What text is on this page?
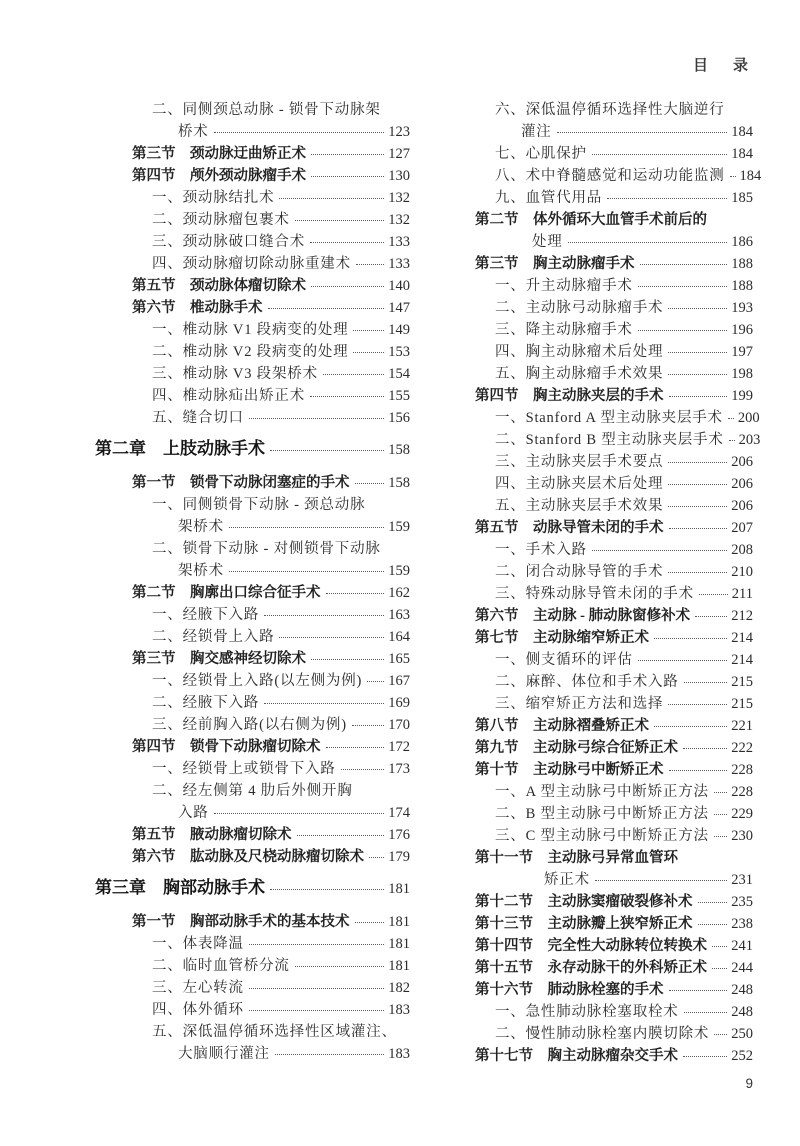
目　录
二、同侧颈总动脉 - 锁骨下动脉架
桥术	123
第三节　颈动脉迂曲矫正术	127
第四节　颅外颈动脉瘤手术	130
一、颈动脉结扎术	132
二、颈动脉瘤包裹术	132
三、颈动脉破口缝合术	133
四、颈动脉瘤切除动脉重建术	133
第五节　颈动脉体瘤切除术	140
第六节　椎动脉手术	147
一、椎动脉 V1 段病变的处理	149
二、椎动脉 V2 段病变的处理	153
三、椎动脉 V3 段架桥术	154
四、椎动脉疝出矫正术	155
五、缝合切口	156
第二章　上肢动脉手术	158
第一节　锁骨下动脉闭塞症的手术	158
一、同侧锁骨下动脉 - 颈总动脉
架桥术	159
二、锁骨下动脉 - 对侧锁骨下动脉
架桥术	159
第二节　胸廓出口综合征手术	162
一、经腋下入路	163
二、经锁骨上入路	164
第三节　胸交感神经切除术	165
一、经锁骨上入路(以左侧为例) 167
二、经腋下入路	169
三、经前胸入路(以右侧为例)	170
第四节　锁骨下动脉瘤切除术	172
一、经锁骨上或锁骨下入路	173
二、经左侧第 4 肋后外侧开胸
入路	174
第五节　腋动脉瘤切除术	176
第六节　肱动脉及尺桡动脉瘤切除术 179
第三章　胸部动脉手术	181
第一节　胸部动脉手术的基本技术	181
一、体表降温	181
二、临时血管桥分流	181
三、左心转流	182
四、体外循环	183
五、深低温停循环选择性区域灌注、
大脑顺行灌注	183
六、深低温停循环选择性大脑逆行
灌注	184
七、心肌保护	184
八、术中脊髓感觉和运动功能监测 184
九、血管代用品	185
第二节　体外循环大血管手术前后的
处理	186
第三节　胸主动脉瘤手术	188
一、升主动脉瘤手术	188
二、主动脉弓动脉瘤手术	193
三、降主动脉瘤手术	196
四、胸主动脉瘤术后处理	197
五、胸主动脉瘤手术效果	198
第四节　胸主动脉夹层的手术	199
一、Stanford A 型主动脉夹层手术 200
二、Stanford B 型主动脉夹层手术 203
三、主动脉夹层手术要点	206
四、主动脉夹层术后处理	206
五、主动脉夹层手术效果	206
第五节　动脉导管未闭的手术	207
一、手术入路	208
二、闭合动脉导管的手术	210
三、特殊动脉导管未闭的手术	211
第六节　主动脉 - 肺动脉窗修补术	212
第七节　主动脉缩窄矫正术	214
一、侧支循环的评估	214
二、麻醉、体位和手术入路	215
三、缩窄矫正方法和选择	215
第八节　主动脉褶叠矫正术	221
第九节　主动脉弓综合征矫正术	222
第十节　主动脉弓中断矫正术	228
一、A 型主动脉弓中断矫正方法 228
二、B 型主动脉弓中断矫正方法 229
三、C 型主动脉弓中断矫正方法 230
第十一节　主动脉弓异常血管环
矫正术	231
第十二节　主动脉窦瘤破裂修补术	235
第十三节　主动脉瓣上狭窄矫正术	238
第十四节　完全性大动脉转位转换术 241
第十五节　永存动脉干的外科矫正术 244
第十六节　肺动脉栓塞的手术	248
一、急性肺动脉栓塞取栓术	248
二、慢性肺动脉栓塞内膜切除术 250
第十七节　胸主动脉瘤杂交手术	252
9
